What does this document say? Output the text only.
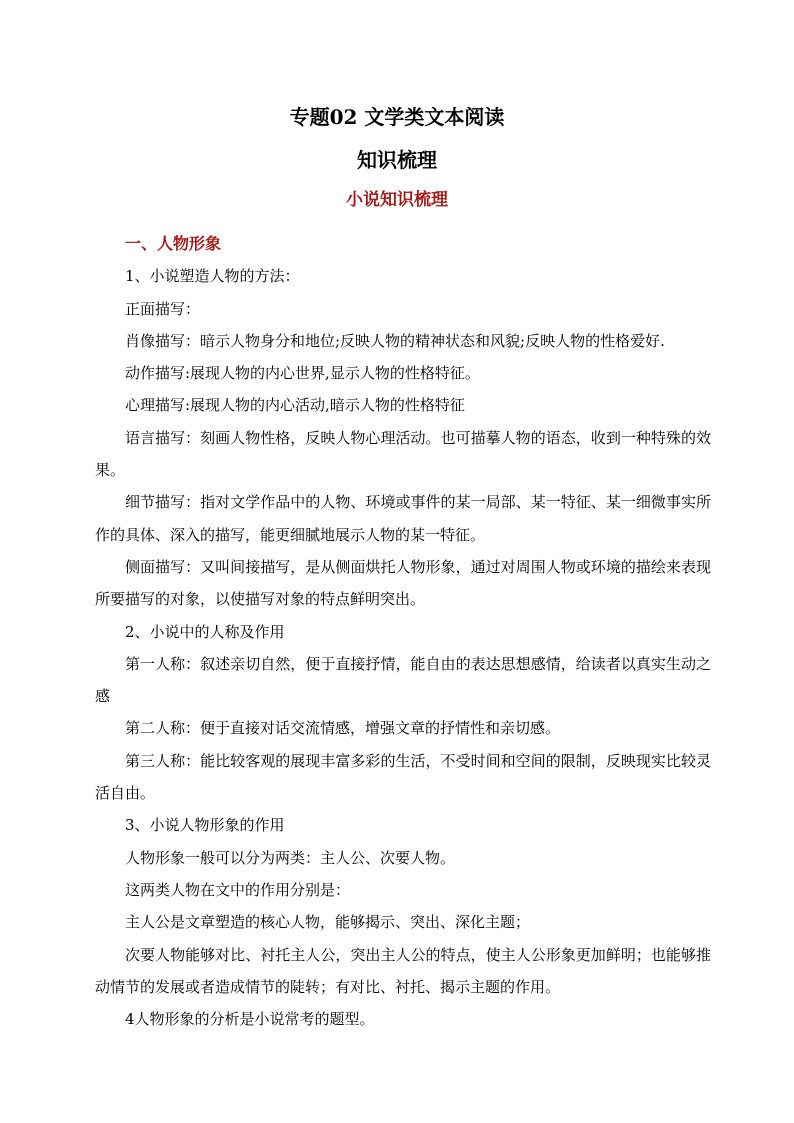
专题02 文学类文本阅读
知识梳理
小说知识梳理

一、人物形象

1、小说塑造人物的方法：

正面描写：

肖像描写：暗示人物身分和地位;反映人物的精神状态和风貌;反映人物的性格爱好.

动作描写:展现人物的内心世界,显示人物的性格特征。

心理描写:展现人物的内心活动,暗示人物的性格特征

语言描写：刻画人物性格，反映人物心理活动。也可描摹人物的语态，收到一种特殊的效果。

细节描写：指对文学作品中的人物、环境或事件的某一局部、某一特征、某一细微事实所作的具体、深入的描写，能更细腻地展示人物的某一特征。

侧面描写：又叫间接描写，是从侧面烘托人物形象，通过对周围人物或环境的描绘来表现所要描写的对象，以使描写对象的特点鲜明突出。

2、小说中的人称及作用

第一人称：叙述亲切自然，便于直接抒情，能自由的表达思想感情，给读者以真实生动之感

第二人称：便于直接对话交流情感，增强文章的抒情性和亲切感。

第三人称：能比较客观的展现丰富多彩的生活，不受时间和空间的限制，反映现实比较灵活自由。

3、小说人物形象的作用

人物形象一般可以分为两类：主人公、次要人物。

这两类人物在文中的作用分别是：

主人公是文章塑造的核心人物，能够揭示、突出、深化主题；

次要人物能够对比、衬托主人公，突出主人公的特点，使主人公形象更加鲜明；也能够推动情节的发展或者造成情节的陡转；有对比、衬托、揭示主题的作用。

4人物形象的分析是小说常考的题型。
